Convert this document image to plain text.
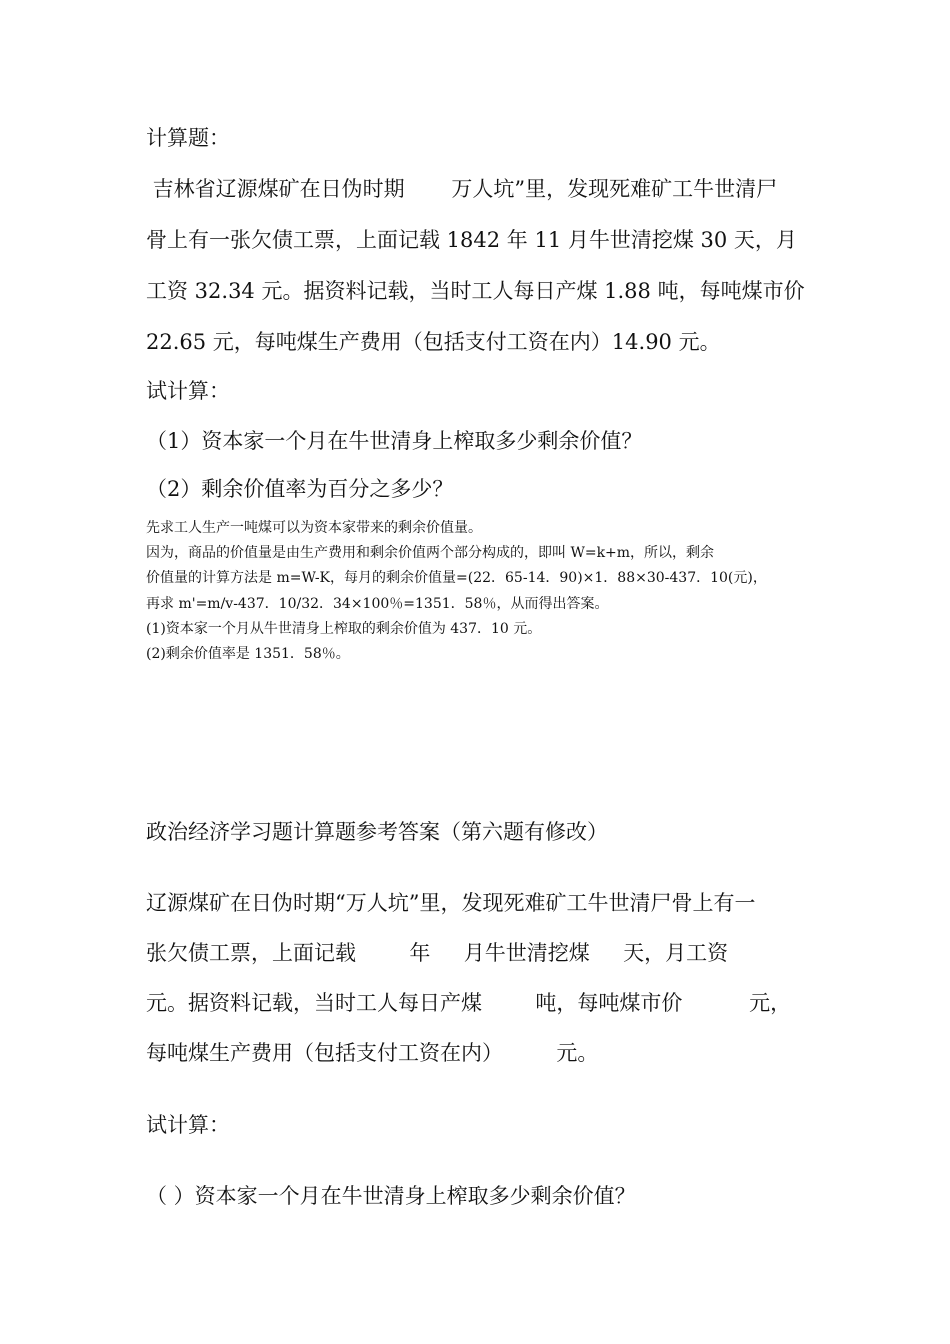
计算题：
吉林省辽源煤矿在日伪时期       万人坑”里，发现死难矿工牛世清尸
骨上有一张欠债工票，上面记载 1842 年 11 月牛世清挖煤 30 天，月
工资 32.34 元。据资料记载，当时工人每日产煤 1.88 吨，每吨煤市价
22.65 元，每吨煤生产费用（包括支付工资在内）14.90 元。
试计算：
（1）资本家一个月在牛世清身上榨取多少剩余价值？
（2）剩余价值率为百分之多少？
先求工人生产一吨煤可以为资本家带来的剩余价值量。
因为，商品的价值量是由生产费用和剩余价值两个部分构成的，即叫 W=k+m，所以，剩余
价值量的计算方法是 m=W-K，每月的剩余价值量=(22．65-14．90)×1．88×30-437．10(元)，
再求 m'=m/v-437．10/32．34×100％=1351．58％，从而得出答案。
(1)资本家一个月从牛世清身上榨取的剩余价值为 437．10 元。
(2)剩余价值率是 1351．58％。
政治经济学习题计算题参考答案（第六题有修改）
辽源煤矿在日伪时期“万人坑”里，发现死难矿工牛世清尸骨上有一
张欠债工票，上面记载        年     月牛世清挖煤     天，月工资
元。据资料记载，当时工人每日产煤        吨，每吨煤市价          元，
每吨煤生产费用（包括支付工资在内）        元。
试计算：
（ ）资本家一个月在牛世清身上榨取多少剩余价值？
